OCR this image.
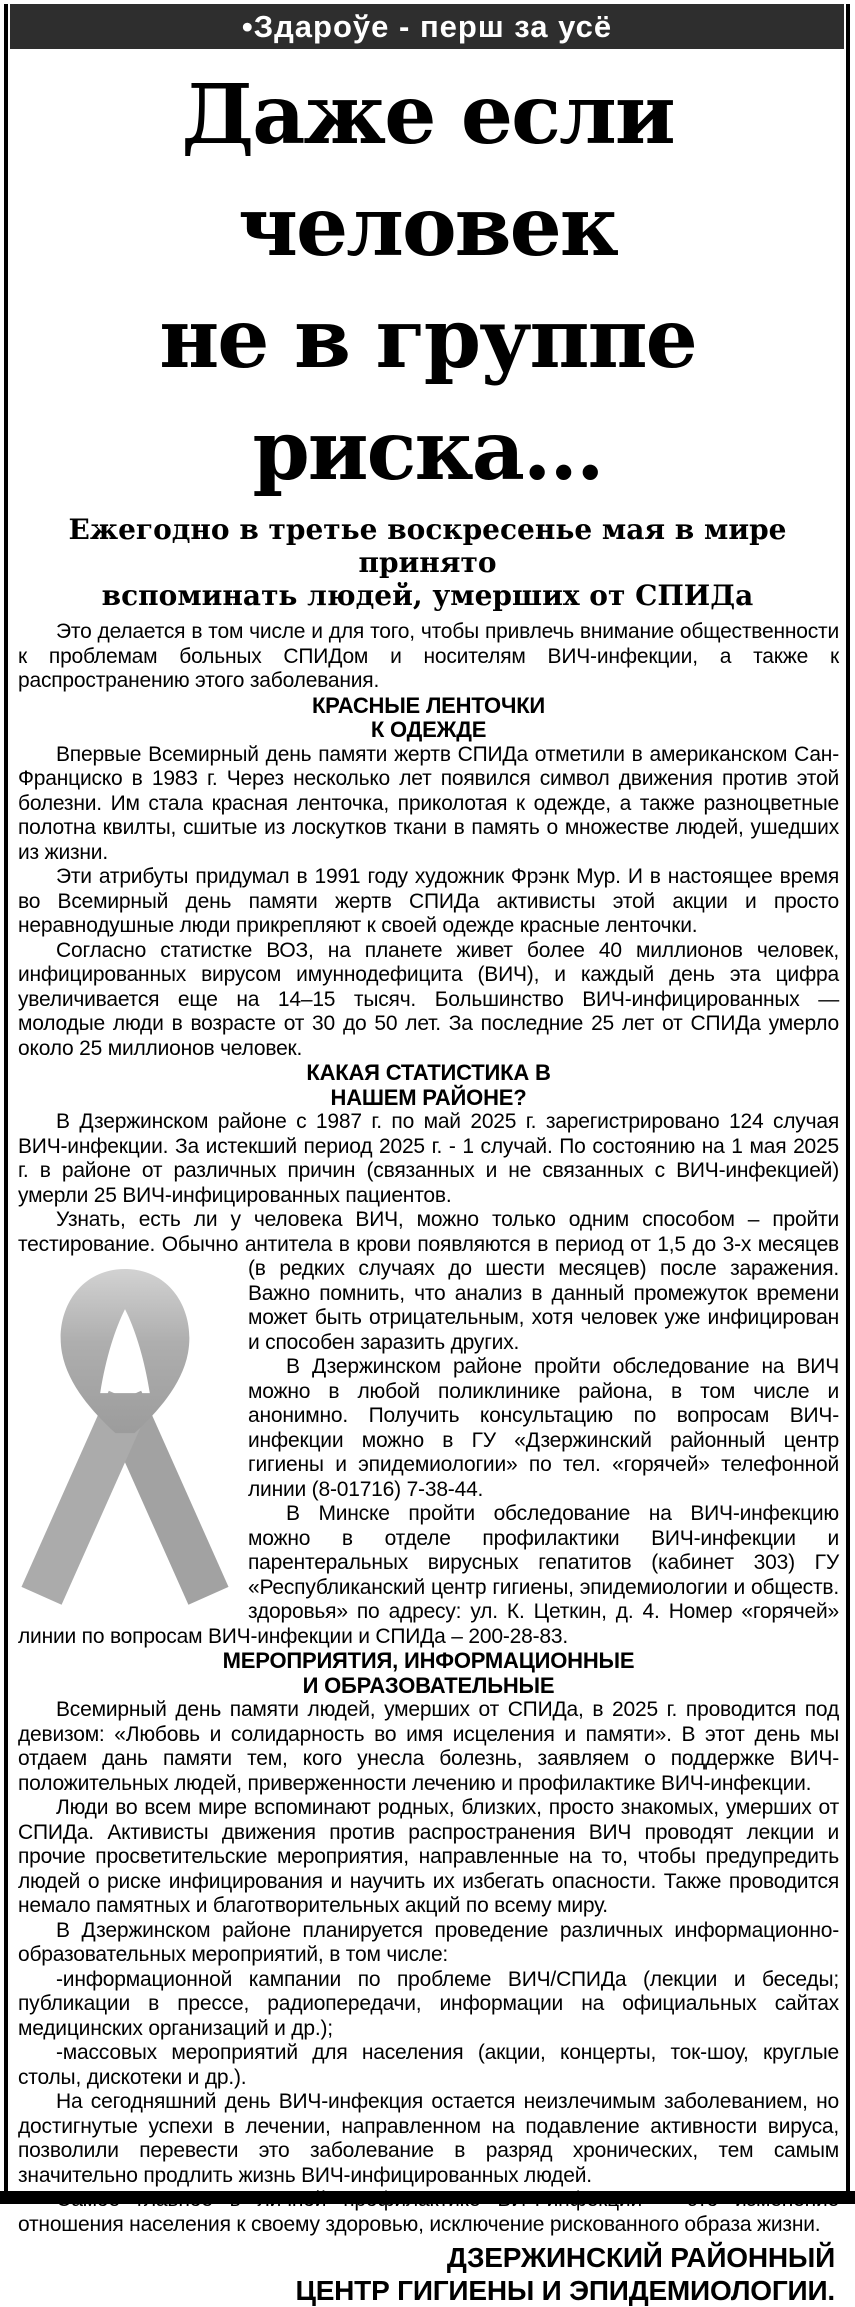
•Здароўе - перш за усё
Даже если человек
не в группе риска...
Ежегодно в третье воскресенье мая в мире принято
вспоминать людей, умерших от СПИДа

Это делается в том числе и для того, чтобы привлечь внимание общественности к проблемам больных СПИДом и носителям ВИЧ-инфекции, а также к распространению этого заболевания.

КРАСНЫЕ ЛЕНТОЧКИ
К ОДЕЖДЕ

Впервые Всемирный день памяти жертв СПИДа отметили в американском Сан-Франциско в 1983 г. Через несколько лет появился символ движения против этой болезни. Им стала красная ленточка, приколотая к одежде, а также разноцветные полотна квилты, сшитые из лоскутков ткани в память о множестве людей, ушедших из жизни.

Эти атрибуты придумал в 1991 году художник Фрэнк Мур. И в настоящее время во Всемирный день памяти жертв СПИДа активисты этой акции и просто неравнодушные люди прикрепляют к своей одежде красные ленточки.

Согласно статистке ВОЗ, на планете живет более 40 миллионов человек, инфицированных вирусом имуннодефицита (ВИЧ), и каждый день эта цифра увеличивается еще на 14–15 тысяч. Большинство ВИЧ-инфицированных — молодые люди в возрасте от 30 до 50 лет. За последние 25 лет от СПИДа умерло около 25 миллионов человек.

КАКАЯ СТАТИСТИКА В
НАШЕМ РАЙОНЕ?

В Дзержинском районе с 1987 г. по май 2025 г. зарегистрировано 124 случая ВИЧ-инфекции. За истекший период 2025 г. - 1 случай. По состоянию на 1 мая 2025 г. в районе от различных причин (связанных и не связанных с ВИЧ-инфекцией) умерли 25 ВИЧ-инфицированных пациентов.

Узнать, есть ли у человека ВИЧ, можно только одним способом – пройти тестирование. Обычно антитела в крови появляются в период от 1,5 до 3-х месяцев (в редких случаях до шести месяцев) после заражения. Важно помнить, что анализ в данный промежуток времени может быть отрицательным, хотя человек уже инфицирован и способен заразить других.

В Дзержинском районе пройти обследование на ВИЧ можно в любой поликлинике района, в том числе и анонимно. Получить консультацию по вопросам ВИЧ-инфекции можно в ГУ «Дзержинский районный центр гигиены и эпидемиологии» по тел. «горячей» телефонной линии (8-01716) 7-38-44.

В Минске пройти обследование на ВИЧ-инфекцию можно в отделе профилактики ВИЧ-инфекции и парентеральных вирусных гепатитов (кабинет 303) ГУ «Республиканский центр гигиены, эпидемиологии и обществ. здоровья» по адресу: ул. К. Цеткин, д. 4. Номер «горячей» линии по вопросам ВИЧ-инфекции и СПИДа – 200-28-83.

МЕРОПРИЯТИЯ, ИНФОРМАЦИОННЫЕ
И ОБРАЗОВАТЕЛЬНЫЕ

Всемирный день памяти людей, умерших от СПИДа, в 2025 г. проводится под девизом: «Любовь и солидарность во имя исцеления и памяти». В этот день мы отдаем дань памяти тем, кого унесла болезнь, заявляем о поддержке ВИЧ-положительных людей, приверженности лечению и профилактике ВИЧ-инфекции.

Люди во всем мире вспоминают родных, близких, просто знакомых, умерших от СПИДа. Активисты движения против распространения ВИЧ проводят лекции и прочие просветительские мероприятия, направленные на то, чтобы предупредить людей о риске инфицирования и научить их избегать опасности. Также проводится немало памятных и благотворительных акций по всему миру.

В Дзержинском районе планируется проведение различных информационно-образовательных мероприятий, в том числе:

-информационной кампании по проблеме ВИЧ/СПИДа (лекции и беседы; публикации в прессе, радиопередачи, информации на официальных сайтах медицинских организаций и др.);

-массовых мероприятий для населения (акции, концерты, ток-шоу, круглые столы, дискотеки и др.).

На сегодняшний день ВИЧ-инфекция остается неизлечимым заболеванием, но достигнутые успехи в лечении, направленном на подавление активности вируса, позволили перевести это заболевание в разряд хронических, тем самым значительно продлить жизнь ВИЧ-инфицированных людей.

отношения населения к своему здоровью, исключение рискованного образа жизни.

ДЗЕРЖИНСКИЙ РАЙОННЫЙ
ЦЕНТР ГИГИЕНЫ И ЭПИДЕМИОЛОГИИ.
